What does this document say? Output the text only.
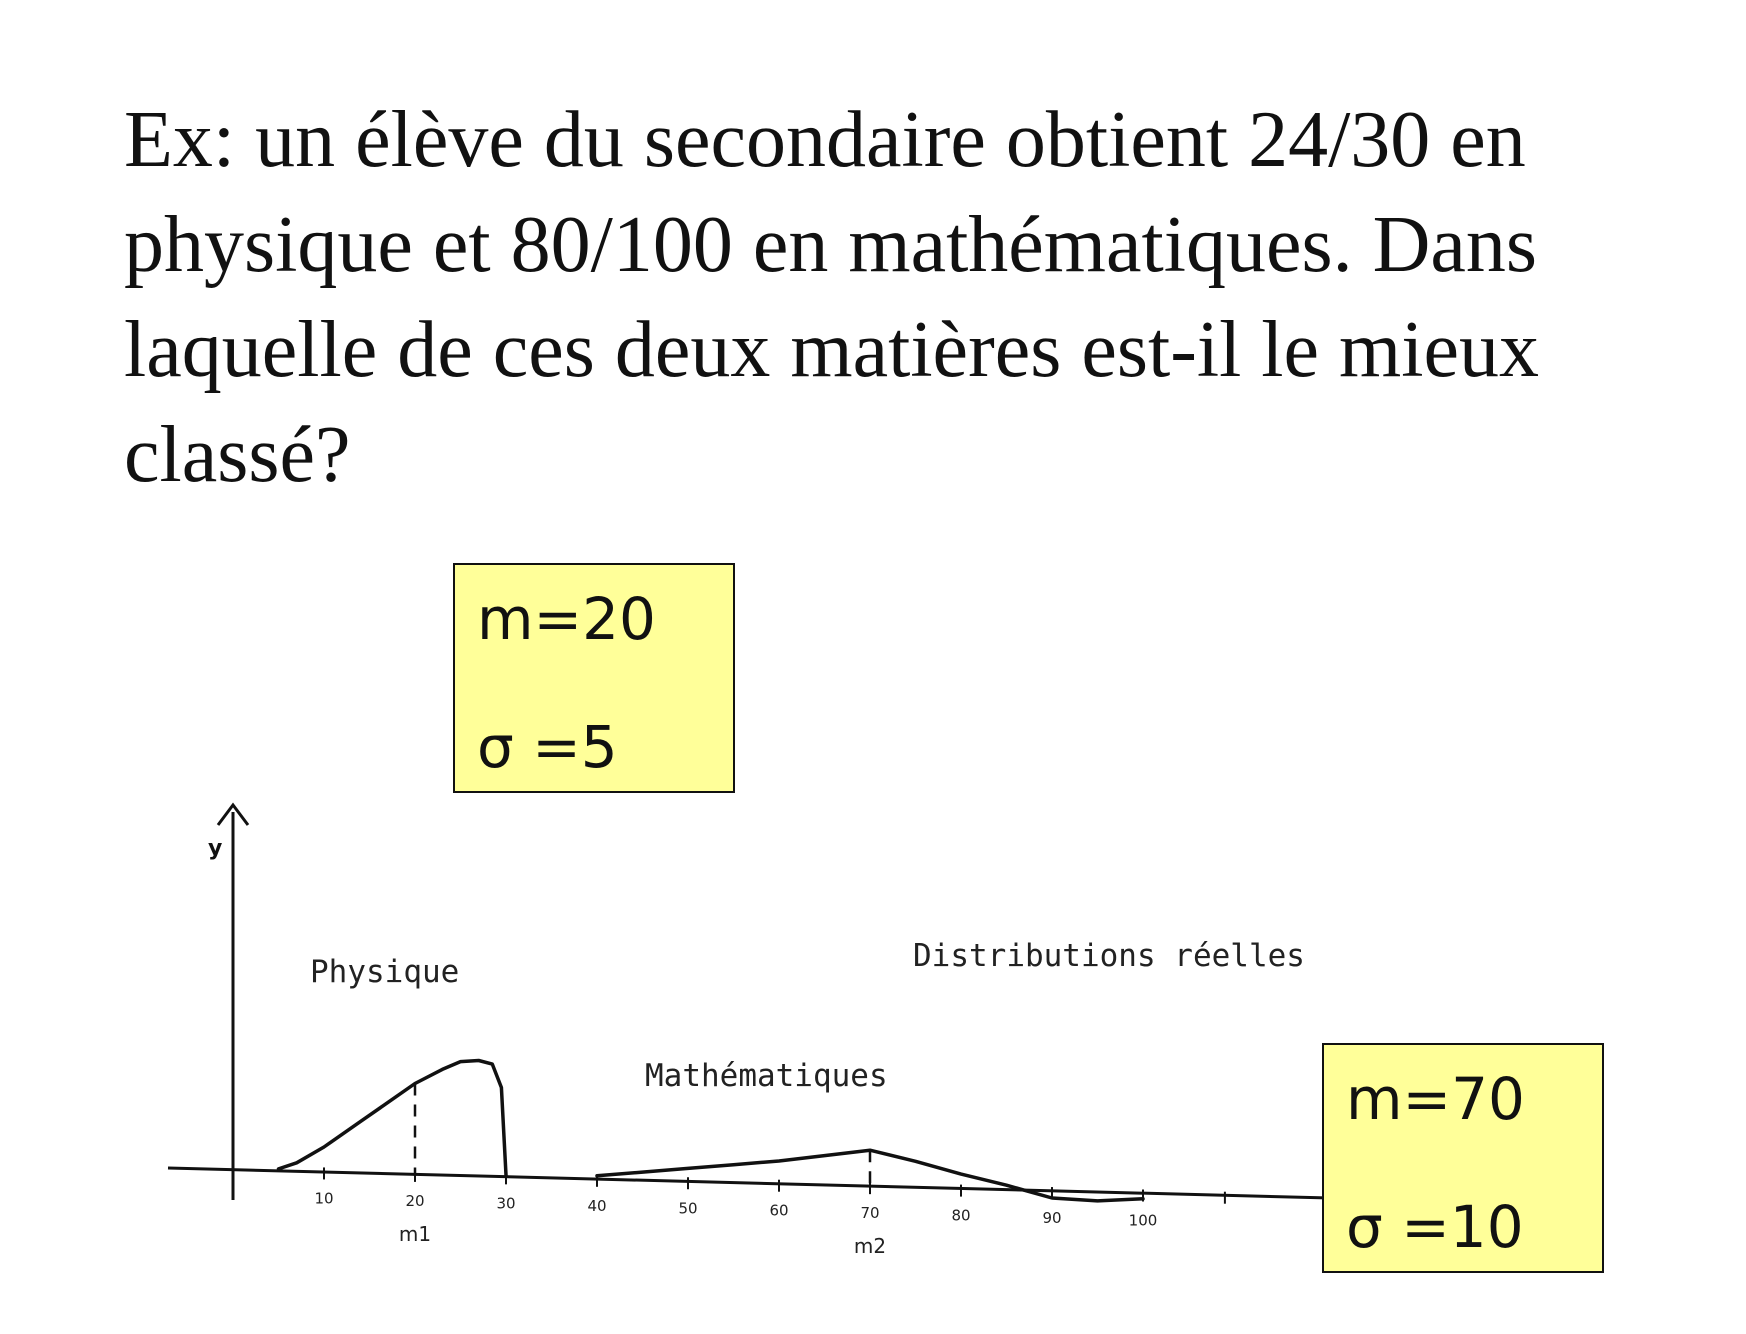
Ex: un élève du secondaire obtient 24/30 en physique et 80/100 en mathématiques. Dans laquelle de ces deux matières est-il le mieux classé?

y
10	20	30	40	50	60	70	80	90	100
m1
m2
Physique
Mathématiques
Distributions réelles
m=20
σ =5
m=70
σ =10
